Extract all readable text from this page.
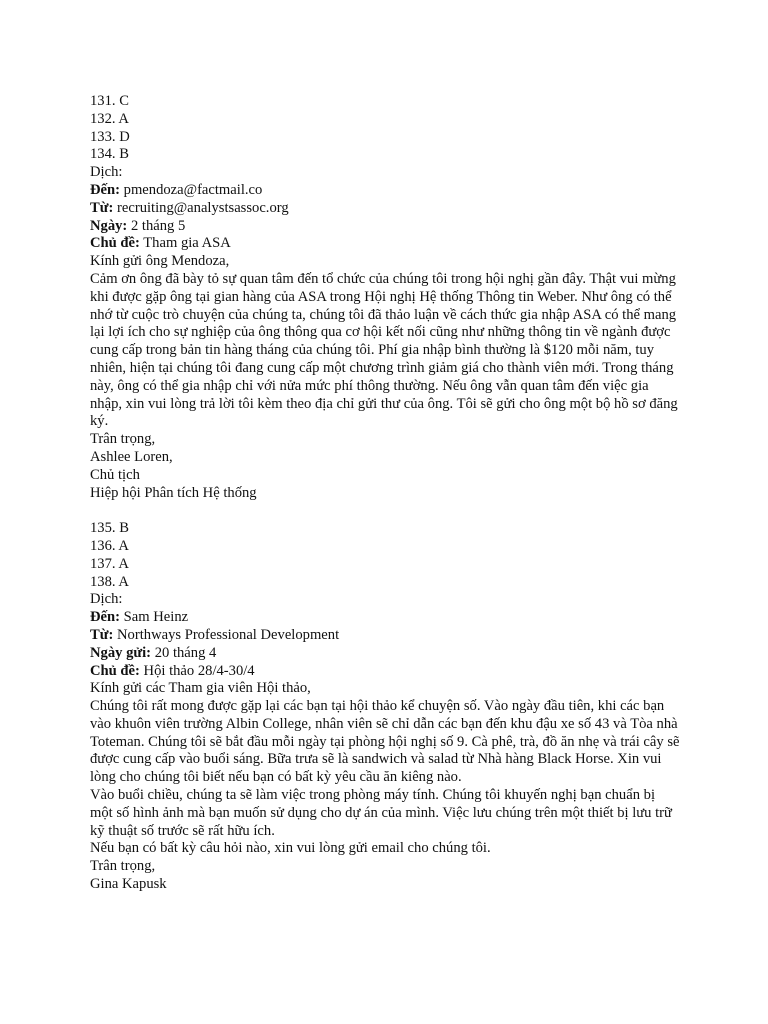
131. C

132. A

133. D

134. B

Dịch:

Đến: pmendoza@factmail.co

Từ: recruiting@analystsassoc.org

Ngày: 2 tháng 5

Chủ đề: Tham gia ASA

Kính gửi ông Mendoza,

Cảm ơn ông đã bày tỏ sự quan tâm đến tổ chức của chúng tôi trong hội nghị gần đây. Thật vui mừng khi được gặp ông tại gian hàng của ASA trong Hội nghị Hệ thống Thông tin Weber. Như ông có thể nhớ từ cuộc trò chuyện của chúng ta, chúng tôi đã thảo luận về cách thức gia nhập ASA có thể mang lại lợi ích cho sự nghiệp của ông thông qua cơ hội kết nối cũng như những thông tin về ngành được cung cấp trong bản tin hàng tháng của chúng tôi. Phí gia nhập bình thường là $120 mỗi năm, tuy nhiên, hiện tại chúng tôi đang cung cấp một chương trình giảm giá cho thành viên mới. Trong tháng này, ông có thể gia nhập chỉ với nửa mức phí thông thường. Nếu ông vẫn quan tâm đến việc gia nhập, xin vui lòng trả lời tôi kèm theo địa chỉ gửi thư của ông. Tôi sẽ gửi cho ông một bộ hồ sơ đăng ký.

Trân trọng,

Ashlee Loren,

Chủ tịch

Hiệp hội Phân tích Hệ thống

135. B

136. A

137. A

138. A

Dịch:

Đến: Sam Heinz

Từ: Northways Professional Development

Ngày gửi: 20 tháng 4

Chủ đề: Hội thảo 28/4-30/4

Kính gửi các Tham gia viên Hội thảo,

Chúng tôi rất mong được gặp lại các bạn tại hội thảo kể chuyện số. Vào ngày đầu tiên, khi các bạn vào khuôn viên trường Albin College, nhân viên sẽ chỉ dẫn các bạn đến khu đậu xe số 43 và Tòa nhà Toteman. Chúng tôi sẽ bắt đầu mỗi ngày tại phòng hội nghị số 9. Cà phê, trà, đồ ăn nhẹ và trái cây sẽ được cung cấp vào buổi sáng. Bữa trưa sẽ là sandwich và salad từ Nhà hàng Black Horse. Xin vui lòng cho chúng tôi biết nếu bạn có bất kỳ yêu cầu ăn kiêng nào.

Vào buổi chiều, chúng ta sẽ làm việc trong phòng máy tính. Chúng tôi khuyến nghị bạn chuẩn bị một số hình ảnh mà bạn muốn sử dụng cho dự án của mình. Việc lưu chúng trên một thiết bị lưu trữ kỹ thuật số trước sẽ rất hữu ích.

Nếu bạn có bất kỳ câu hỏi nào, xin vui lòng gửi email cho chúng tôi.

Trân trọng,

Gina Kapusk
